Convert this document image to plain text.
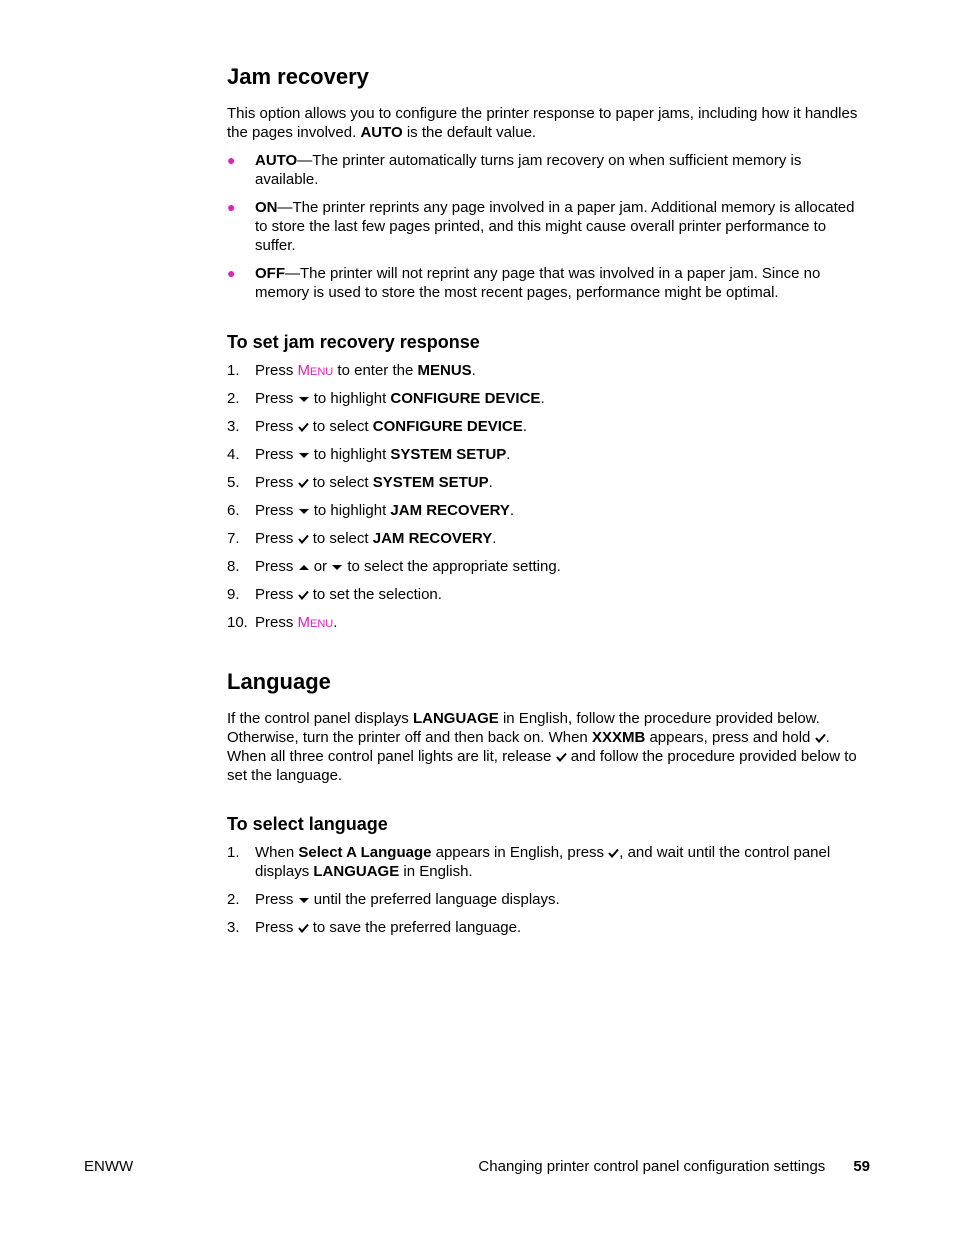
Jam recovery

This option allows you to configure the printer response to paper jams, including how it handles the pages involved. AUTO is the default value.

● AUTO—The printer automatically turns jam recovery on when sufficient memory is available.
● ON—The printer reprints any page involved in a paper jam. Additional memory is allocated to store the last few pages printed, and this might cause overall printer performance to suffer.
● OFF—The printer will not reprint any page that was involved in a paper jam. Since no memory is used to store the most recent pages, performance might be optimal.
To set jam recovery response
1. Press Menu to enter the MENUS.
2. Press to highlight CONFIGURE DEVICE.
3. Press to select CONFIGURE DEVICE.
4. Press to highlight SYSTEM SETUP.
5. Press to select SYSTEM SETUP.
6. Press to highlight JAM RECOVERY.
7. Press to select JAM RECOVERY.
8. Press or to select the appropriate setting.
9. Press to set the selection.
10. Press Menu.
Language

If the control panel displays LANGUAGE in English, follow the procedure provided below. Otherwise, turn the printer off and then back on. When XXXMB appears, press and hold . When all three control panel lights are lit, release and follow the procedure provided below to set the language.

To select language
1. When Select A Language appears in English, press , and wait until the control panel displays LANGUAGE in English.
2. Press until the preferred language displays.
3. Press to save the preferred language.
ENWW	Changing printer control panel configuration settings 59
